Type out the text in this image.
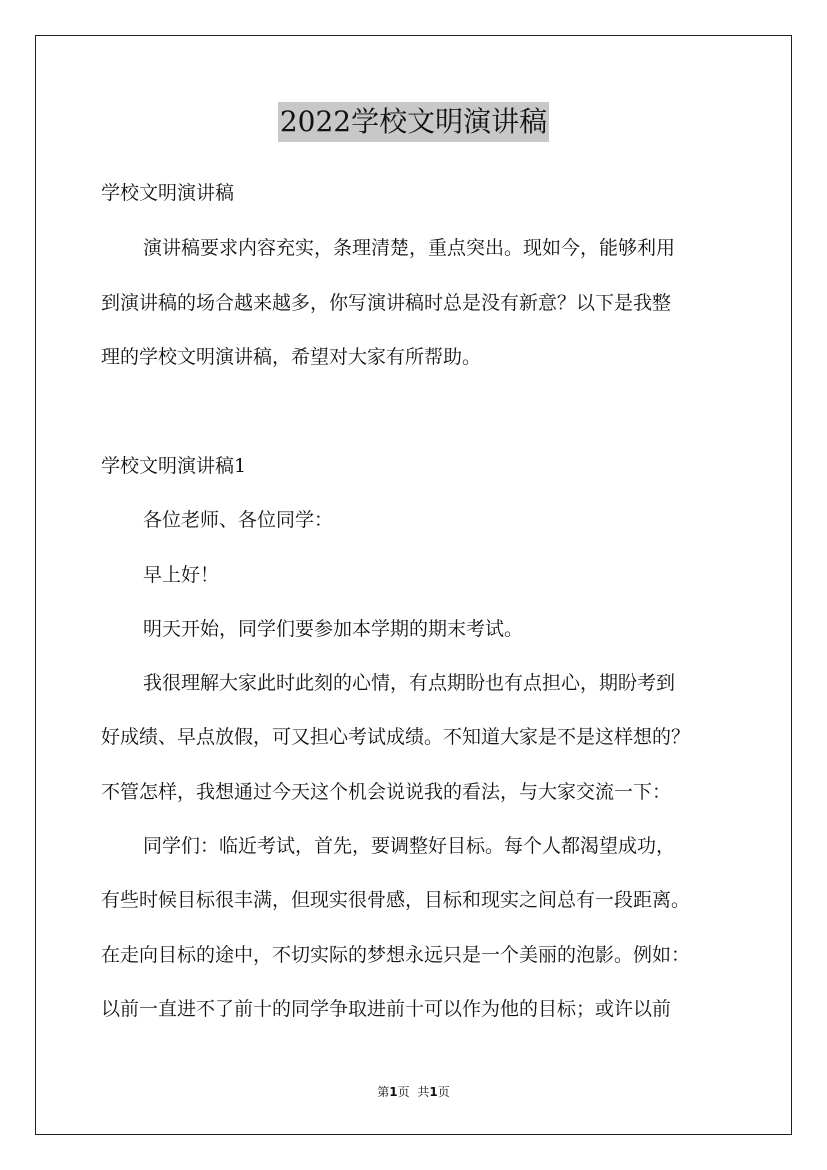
2022学校文明演讲稿
学校文明演讲稿
演讲稿要求内容充实，条理清楚，重点突出。现如今，能够利用
到演讲稿的场合越来越多，你写演讲稿时总是没有新意？以下是我整
理的学校文明演讲稿，希望对大家有所帮助。
学校文明演讲稿1
各位老师、各位同学：
早上好！
明天开始，同学们要参加本学期的期末考试。
我很理解大家此时此刻的心情，有点期盼也有点担心，期盼考到
好成绩、早点放假，可又担心考试成绩。不知道大家是不是这样想的？
不管怎样，我想通过今天这个机会说说我的看法，与大家交流一下：
同学们：临近考试，首先，要调整好目标。每个人都渴望成功，
有些时候目标很丰满，但现实很骨感，目标和现实之间总有一段距离。
在走向目标的途中，不切实际的梦想永远只是一个美丽的泡影。例如：
以前一直进不了前十的同学争取进前十可以作为他的目标；或许以前
第1页 共1页
